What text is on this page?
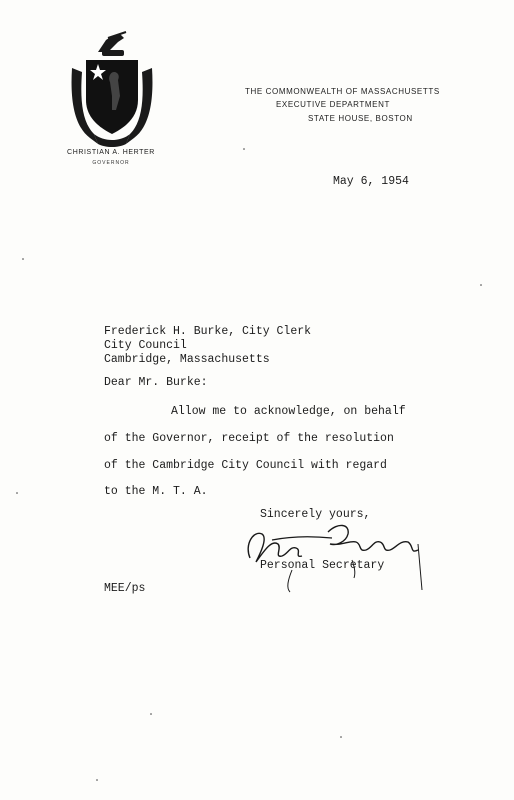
CHRISTIAN A. HERTER
GOVERNOR
THE COMMONWEALTH OF MASSACHUSETTS
EXECUTIVE DEPARTMENT
STATE HOUSE, BOSTON
May 6, 1954
Frederick H. Burke, City Clerk
City Council
Cambridge, Massachusetts
Dear Mr. Burke:
Allow me to acknowledge, on behalf
of the Governor, receipt of the resolution
of the Cambridge City Council with regard
to the M. T. A.
Sincerely yours,
Personal Secretary
MEE/ps
